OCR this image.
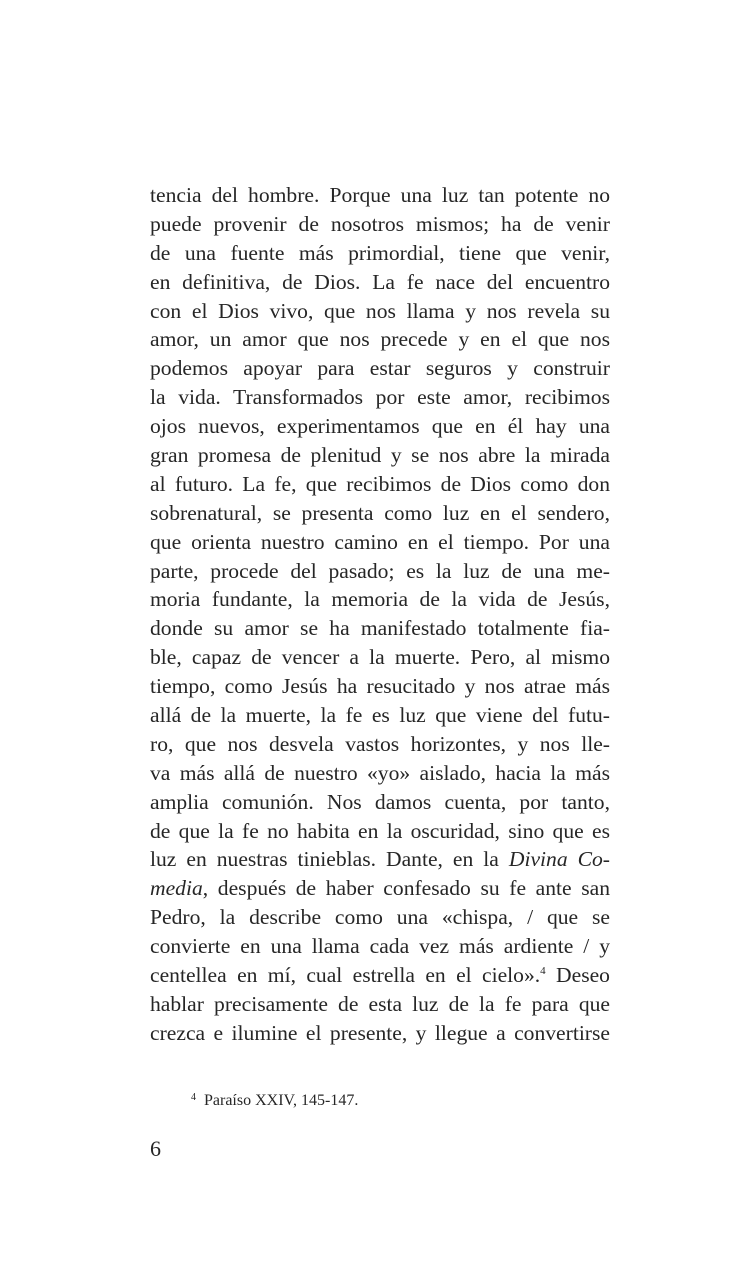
tencia del hombre. Porque una luz tan potente no
puede provenir de nosotros mismos; ha de venir
de una fuente más primordial, tiene que venir,
en definitiva, de Dios. La fe nace del encuentro
con el Dios vivo, que nos llama y nos revela su
amor, un amor que nos precede y en el que nos
podemos apoyar para estar seguros y construir
la vida. Transformados por este amor, recibimos
ojos nuevos, experimentamos que en él hay una
gran promesa de plenitud y se nos abre la mirada
al futuro. La fe, que recibimos de Dios como don
sobrenatural, se presenta como luz en el sendero,
que orienta nuestro camino en el tiempo. Por una
parte, procede del pasado; es la luz de una me-
moria fundante, la memoria de la vida de Jesús,
donde su amor se ha manifestado totalmente fia-
ble, capaz de vencer a la muerte. Pero, al mismo
tiempo, como Jesús ha resucitado y nos atrae más
allá de la muerte, la fe es luz que viene del futu-
ro, que nos desvela vastos horizontes, y nos lle-
va más allá de nuestro «yo» aislado, hacia la más
amplia comunión. Nos damos cuenta, por tanto,
de que la fe no habita en la oscuridad, sino que es
luz en nuestras tinieblas. Dante, en la Divina Co-
media, después de haber confesado su fe ante san
Pedro, la describe como una «chispa, / que se
convierte en una llama cada vez más ardiente / y
centellea en mí, cual estrella en el cielo».$^4$ Deseo
hablar precisamente de esta luz de la fe para que
crezca e ilumine el presente, y llegue a convertirse
$^4$ Paraíso XXIV, 145-147.
6
